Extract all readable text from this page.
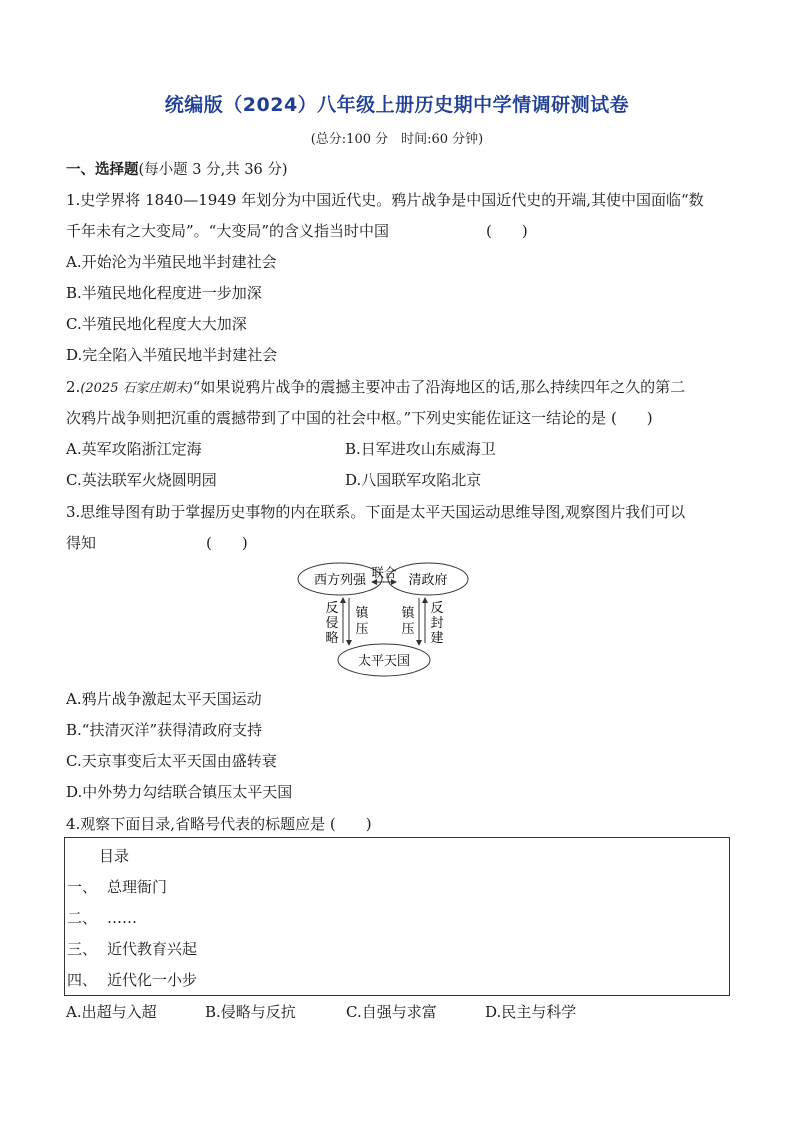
统编版（2024）八年级上册历史期中学情调研测试卷
(总分:100 分　时间:60 分钟)
一、选择题(每小题 3 分,共 36 分)
1.史学界将 1840—1949 年划分为中国近代史。鸦片战争是中国近代史的开端,其使中国面临“数
千年未有之大变局”。“大变局”的含义指当时中国	(　　)
A.开始沦为半殖民地半封建社会
B.半殖民地化程度进一步加深
C.半殖民地化程度大大加深
D.完全陷入半殖民地半封建社会
2.(2025 石家庄期末)“如果说鸦片战争的震撼主要冲击了沿海地区的话,那么持续四年之久的第二
次鸦片战争则把沉重的震撼带到了中国的社会中枢。”下列史实能佐证这一结论的是 (　　)
A.英军攻陷浙江定海	B.日军进攻山东威海卫
C.英法联军火烧圆明园	D.八国联军攻陷北京
3.思维导图有助于掌握历史事物的内在联系。下面是太平天国运动思维导图,观察图片我们可以
得知	(　　)
西方列强	清政府
联合
太平天国
反
侵
略
镇
压
镇
压
反
封
建
A.鸦片战争激起太平天国运动
B.“扶清灭洋”获得清政府支持
C.天京事变后太平天国由盛转衰
D.中外势力勾结联合镇压太平天国
4.观察下面目录,省略号代表的标题应是 (　　)
目录
一、 总理衙门
二、 ……
三、 近代教育兴起
四、 近代化一小步
A.出超与入超	B.侵略与反抗	C.自强与求富	D.民主与科学
